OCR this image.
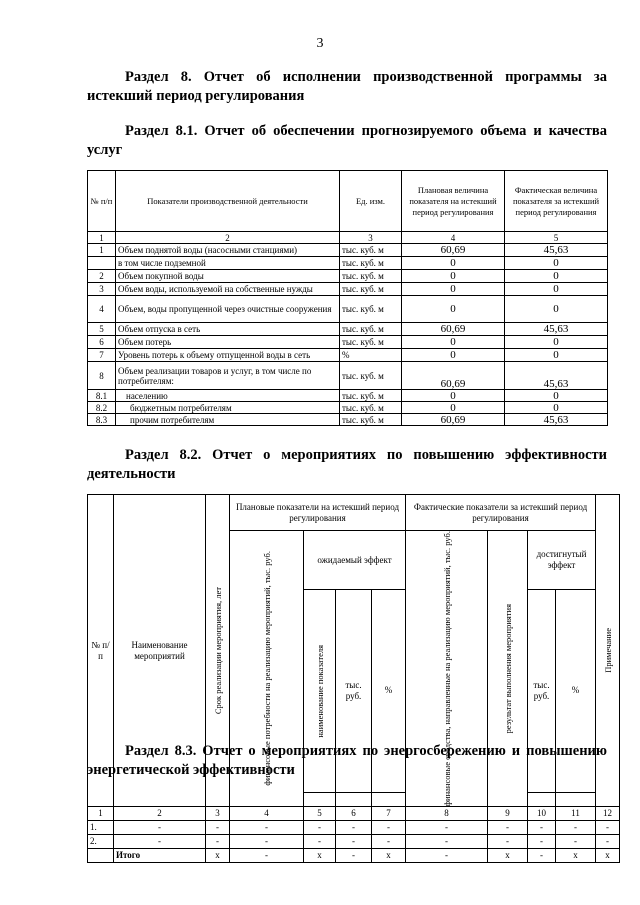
3
Раздел 8. Отчет об исполнении производственной программы за
истекший период регулирования
Раздел 8.1. Отчет об обеспечении прогнозируемого объема и качества
услуг
№ п/п	Показатели производственной деятельности	Ед. изм.	Плановая величина показателя на истекший период регулирования	Фактическая величина показателя за истекший период регулирования
1	2	3	4	5
1	Объем поднятой воды (насосными станциями)	тыс. куб. м	60,69	45,63
	в том числе подземной	тыс. куб. м	0	0
2	Объем покупной воды	тыс. куб. м	0	0
3	Объем воды, используемой на собственные нужды	тыс. куб. м	0	0
4	Объем, воды пропущенной через очистные сооружения	тыс. куб. м	0	0
5	Объем отпуска в сеть	тыс. куб. м	60,69	45,63
6	Объем потерь	тыс. куб. м	0	0
7	Уровень потерь к объему отпущенной воды в сеть	%	0	0
8	Объем реализации товаров и услуг, в том числе по потребителям:	тыс. куб. м	60,69	45,63
8.1	населению	тыс. куб. м	0	0
8.2	бюджетным потребителям	тыс. куб. м	0	0
8.3	прочим потребителям	тыс. куб. м	60,69	45,63
Раздел 8.2. Отчет о мероприятиях по повышению эффективности
деятельности
№ п/п	Наименование мероприятий	Срок реализации мероприятия, лет	Плановые показатели на истекший период регулирования				Фактические показатели за истекший период регулирования				Примечание

			финансовые потребности на реализацию мероприятий, тыс. руб.	ожидаемый эффект			финансовые средства, направленные на реализацию мероприятий, тыс. руб.	результат выполнения мероприятия	достигнутый эффект		

				наименование показателя	тыс. руб.	%			тыс. руб.	%	

1	2	3	4	5	6	7	8	9	10	11	12
1.	-	-	-	-	-	-	-	-	-	-	-
2.	-	-	-	-	-	-	-	-	-	-	-
	Итого	x	-	x	-	x	-	x	-	x	x
Раздел 8.3. Отчет о мероприятиях по энергосбережению и повышению
энергетической эффективности
